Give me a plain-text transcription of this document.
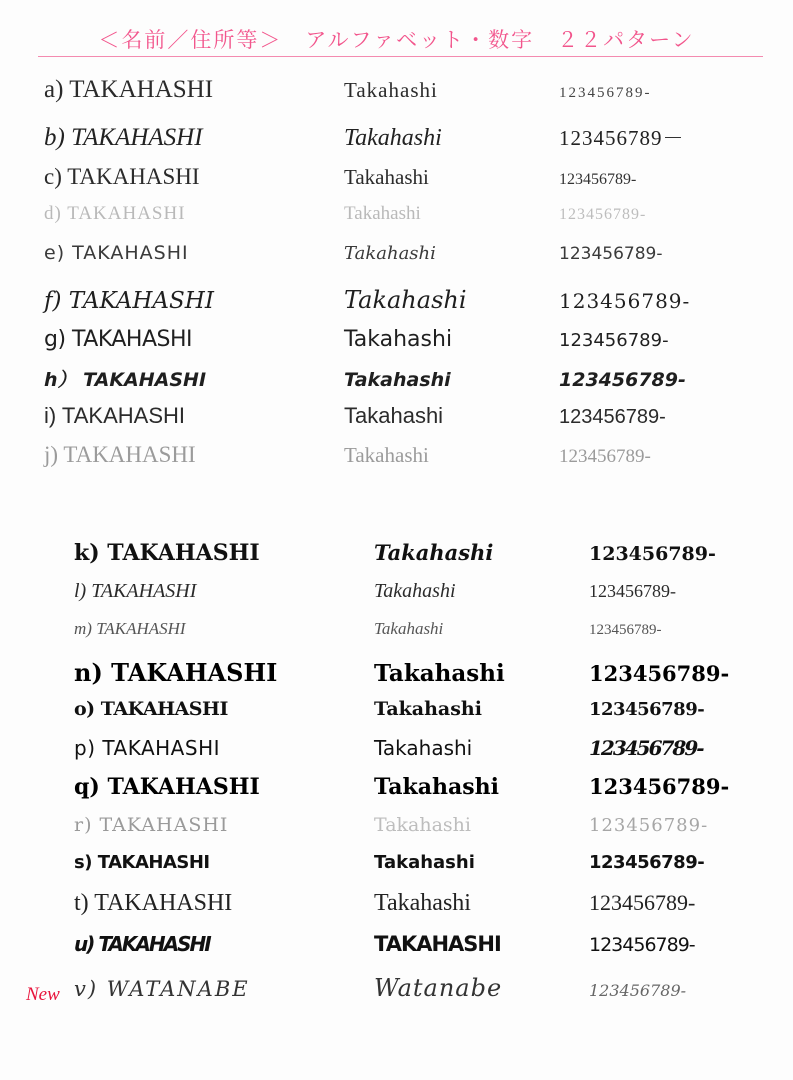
＜名前／住所等＞　アルファベット・数字　２２パターン
a) TAKAHASHI	Takahashi	123456789-
b) TAKAHASHI	Takahashi	123456789－
c) TAKAHASHI	Takahashi	123456789-
d) TAKAHASHI	Takahashi	123456789-
e) TAKAHASHI	Takahashi	123456789-
f) TAKAHASHI	Takahashi	123456789-
g) TAKAHASHI	Takahashi	123456789-
h） TAKAHASHI	Takahashi	123456789-
i) TAKAHASHI	Takahashi	123456789-
j) TAKAHASHI	Takahashi	123456789-
k) TAKAHASHI	Takahashi	123456789-
l) TAKAHASHI	Takahashi	123456789-
m) TAKAHASHI	Takahashi	123456789-
n) TAKAHASHI	Takahashi	123456789-
o) TAKAHASHI	Takahashi	123456789-
p) TAKAHASHI	Takahashi	123456789-
q) TAKAHASHI	Takahashi	123456789-
r) TAKAHASHI	Takahashi	123456789-
s) TAKAHASHI	Takahashi	123456789-
t) TAKAHASHI	Takahashi	123456789-
u) TAKAHASHI	TAKAHASHI	123456789-
v) WATANABE	Watanabe	123456789-
New
